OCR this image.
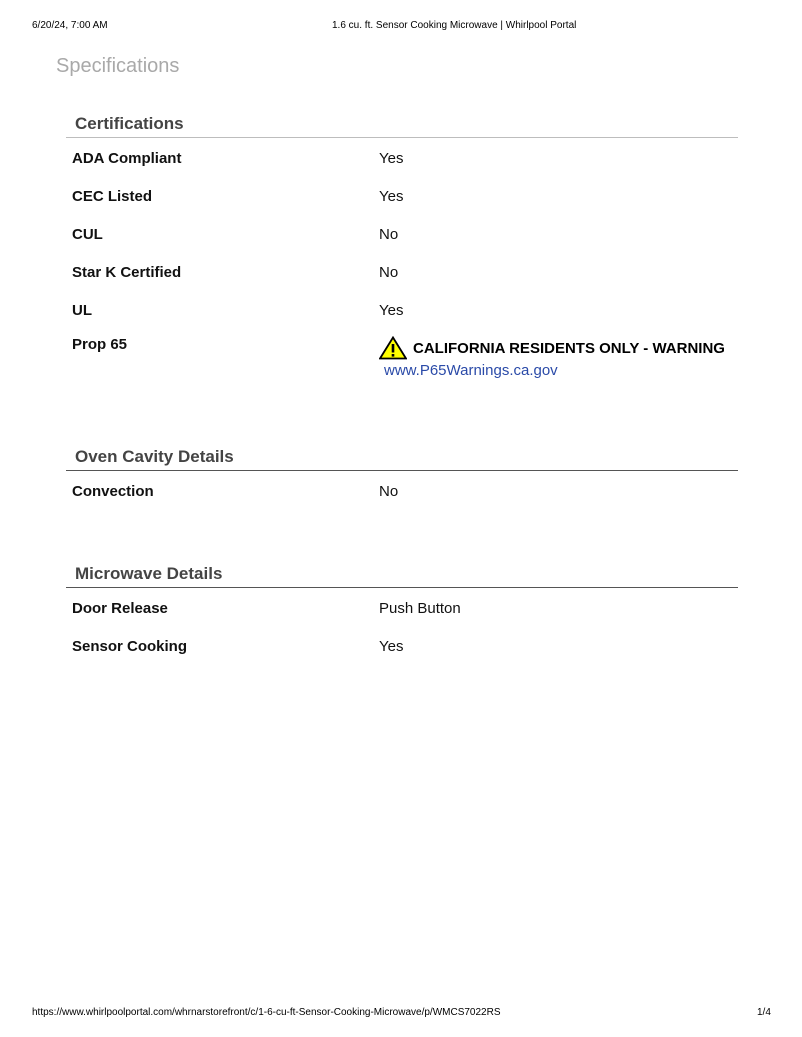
6/20/24, 7:00 AM	1.6 cu. ft. Sensor Cooking Microwave | Whirlpool Portal
Specifications
Certifications
ADA Compliant	Yes
CEC Listed	Yes
CUL	No
Star K Certified	No
UL	Yes
Prop 65	CALIFORNIA RESIDENTS ONLY - WARNING
www.P65Warnings.ca.gov
Oven Cavity Details
Convection	No
Microwave Details
Door Release	Push Button
Sensor Cooking	Yes
https://www.whirlpoolportal.com/whrnarstorefront/c/1-6-cu-ft-Sensor-Cooking-Microwave/p/WMCS7022RS	1/4
